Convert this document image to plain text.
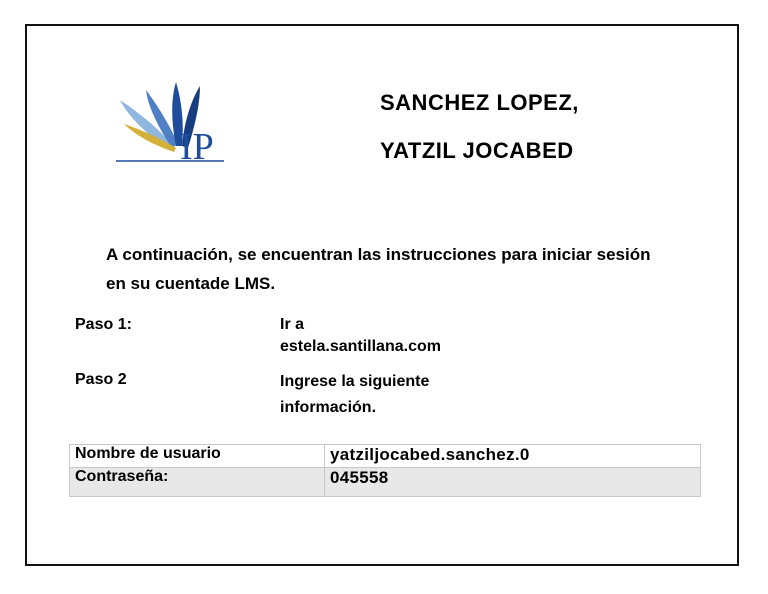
IP
SANCHEZ LOPEZ,
YATZIL JOCABED
A continuación, se encuentran las instrucciones para iniciar sesión en su cuentade LMS.
Paso 1:	Ir a
estela.santillana.com
Paso 2	Ingrese la siguiente
información.
Nombre de usuario	yatziljocabed.sanchez.0
Contraseña:	045558
